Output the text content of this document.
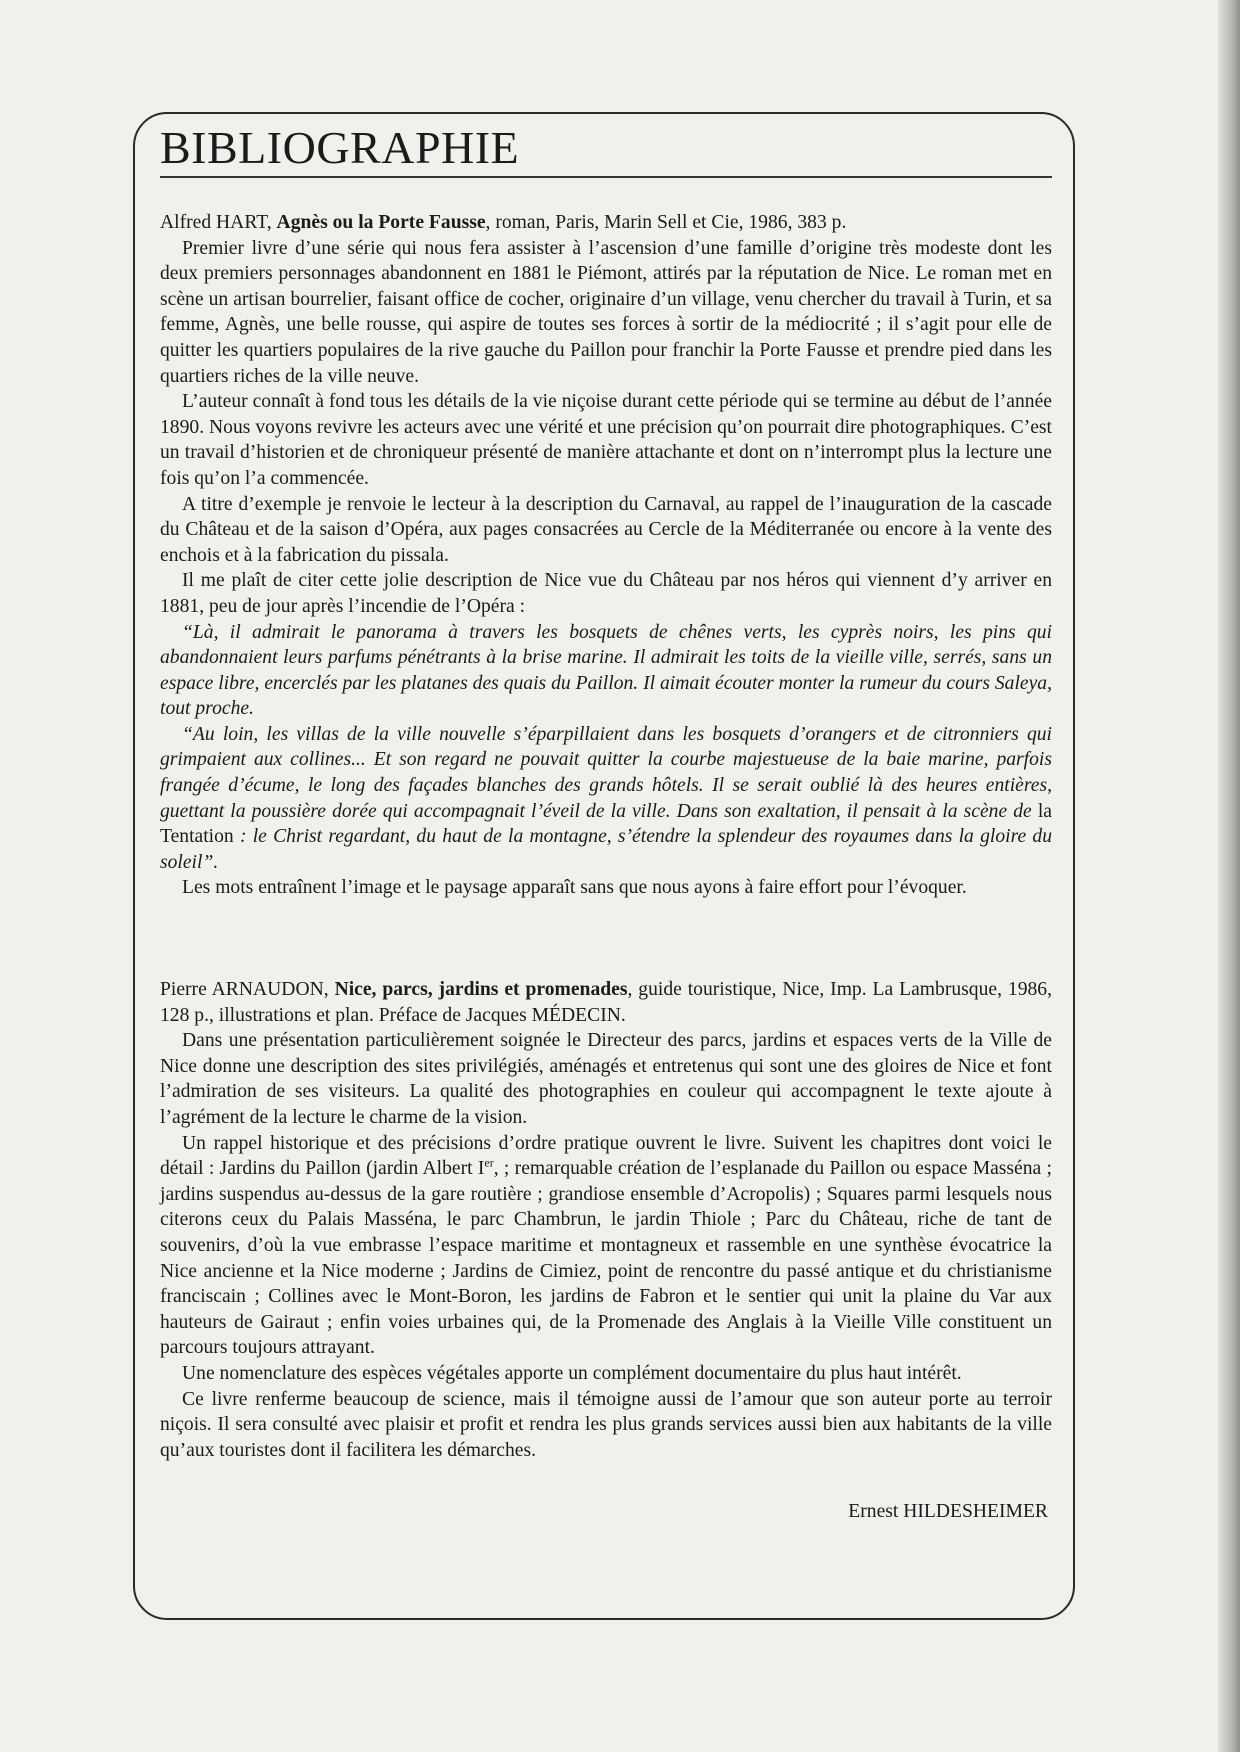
BIBLIOGRAPHIE

Alfred HART, Agnès ou la Porte Fausse, roman, Paris, Marin Sell et Cie, 1986, 383 p.

Premier livre d’une série qui nous fera assister à l’ascension d’une famille d’origine très modeste dont les deux premiers personnages abandonnent en 1881 le Piémont, attirés par la réputation de Nice. Le roman met en scène un artisan bourrelier, faisant office de cocher, originaire d’un village, venu chercher du travail à Turin, et sa femme, Agnès, une belle rousse, qui aspire de toutes ses forces à sortir de la médiocrité ; il s’agit pour elle de quitter les quartiers populaires de la rive gauche du Paillon pour franchir la Porte Fausse et prendre pied dans les quartiers riches de la ville neuve.

L’auteur connaît à fond tous les détails de la vie niçoise durant cette période qui se termine au début de l’année 1890. Nous voyons revivre les acteurs avec une vérité et une précision qu’on pourrait dire photographiques. C’est un travail d’historien et de chroniqueur présenté de manière attachante et dont on n’interrompt plus la lecture une fois qu’on l’a commencée.

A titre d’exemple je renvoie le lecteur à la description du Carnaval, au rappel de l’inauguration de la cascade du Château et de la saison d’Opéra, aux pages consacrées au Cercle de la Méditerranée ou encore à la vente des enchois et à la fabrication du pissala.

Il me plaît de citer cette jolie description de Nice vue du Château par nos héros qui viennent d’y arriver en 1881, peu de jour après l’incendie de l’Opéra :

“Là, il admirait le panorama à travers les bosquets de chênes verts, les cyprès noirs, les pins qui abandonnaient leurs parfums pénétrants à la brise marine. Il admirait les toits de la vieille ville, serrés, sans un espace libre, encerclés par les platanes des quais du Paillon. Il aimait écouter monter la rumeur du cours Saleya, tout proche.

“Au loin, les villas de la ville nouvelle s’éparpillaient dans les bosquets d’orangers et de citronniers qui grimpaient aux collines... Et son regard ne pouvait quitter la courbe majestueuse de la baie marine, parfois frangée d’écume, le long des façades blanches des grands hôtels. Il se serait oublié là des heures entières, guettant la poussière dorée qui accompagnait l’éveil de la ville. Dans son exaltation, il pensait à la scène de la Tentation : le Christ regardant, du haut de la montagne, s’étendre la splendeur des royaumes dans la gloire du soleil”.

Les mots entraînent l’image et le paysage apparaît sans que nous ayons à faire effort pour l’évoquer.

Pierre ARNAUDON, Nice, parcs, jardins et promenades, guide touristique, Nice, Imp. La Lambrusque, 1986, 128 p., illustrations et plan. Préface de Jacques MÉDECIN.

Dans une présentation particulièrement soignée le Directeur des parcs, jardins et espaces verts de la Ville de Nice donne une description des sites privilégiés, aménagés et entretenus qui sont une des gloires de Nice et font l’admiration de ses visiteurs. La qualité des photographies en couleur qui accompagnent le texte ajoute à l’agrément de la lecture le charme de la vision.

Un rappel historique et des précisions d’ordre pratique ouvrent le livre. Suivent les chapitres dont voici le détail : Jardins du Paillon (jardin Albert Ier, ; remarquable création de l’esplanade du Paillon ou espace Masséna ; jardins suspendus au-dessus de la gare routière ; grandiose ensemble d’Acropolis) ; Squares parmi lesquels nous citerons ceux du Palais Masséna, le parc Chambrun, le jardin Thiole ; Parc du Château, riche de tant de souvenirs, d’où la vue embrasse l’espace maritime et montagneux et rassemble en une synthèse évocatrice la Nice ancienne et la Nice moderne ; Jardins de Cimiez, point de rencontre du passé antique et du christianisme franciscain ; Collines avec le Mont-Boron, les jardins de Fabron et le sentier qui unit la plaine du Var aux hauteurs de Gairaut ; enfin voies urbaines qui, de la Promenade des Anglais à la Vieille Ville constituent un parcours toujours attrayant.

Une nomenclature des espèces végétales apporte un complément documentaire du plus haut intérêt.

Ce livre renferme beaucoup de science, mais il témoigne aussi de l’amour que son auteur porte au terroir niçois. Il sera consulté avec plaisir et profit et rendra les plus grands services aussi bien aux habitants de la ville qu’aux touristes dont il facilitera les démarches.

Ernest HILDESHEIMER
